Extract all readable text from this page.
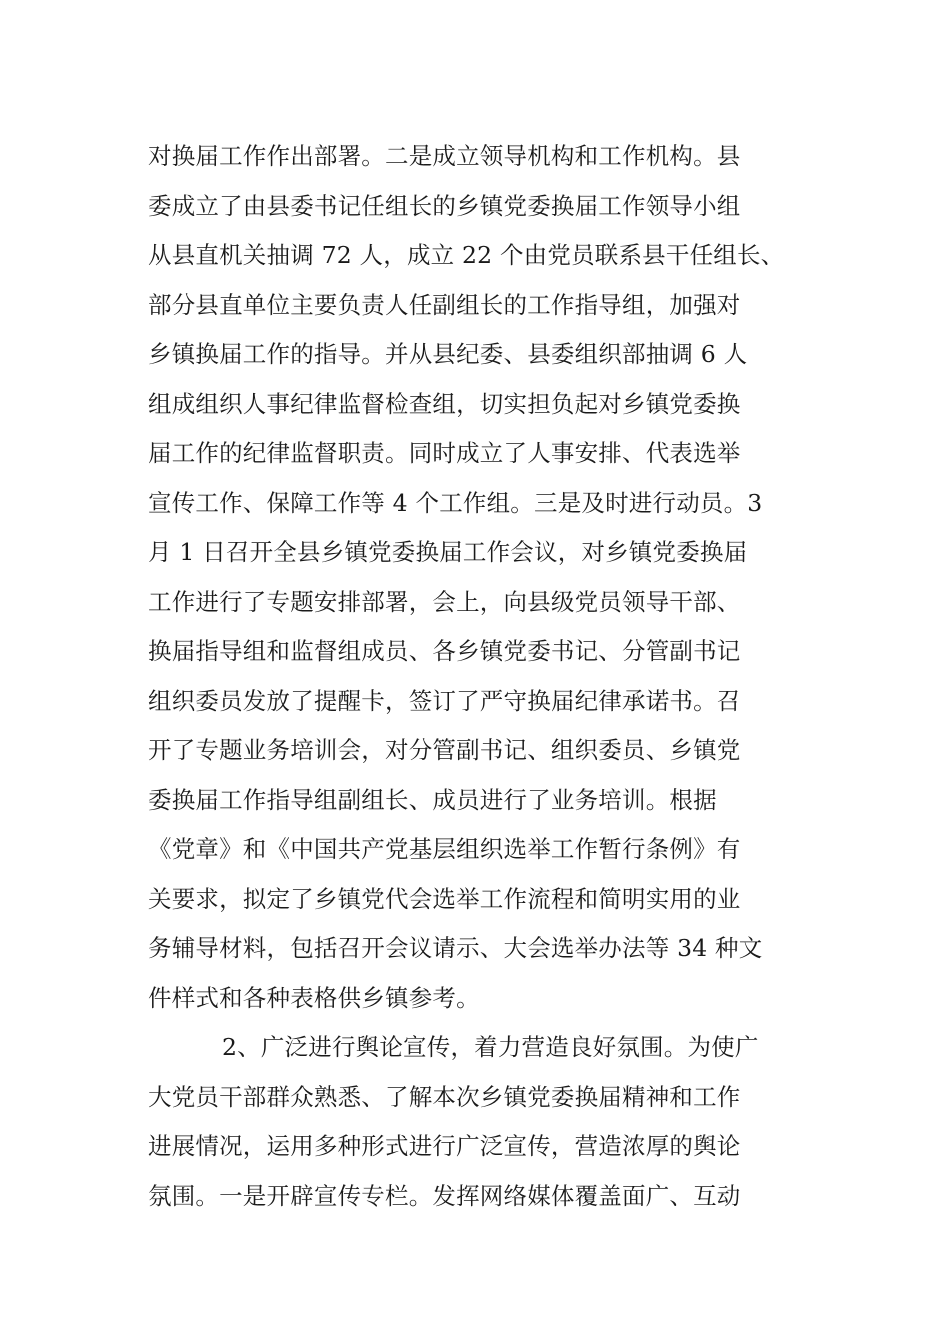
对换届工作作出部署。二是成立领导机构和工作机构。县
委成立了由县委书记任组长的乡镇党委换届工作领导小组
从县直机关抽调 72 人，成立 22 个由党员联系县干任组长、
部分县直单位主要负责人任副组长的工作指导组，加强对
乡镇换届工作的指导。并从县纪委、县委组织部抽调 6 人
组成组织人事纪律监督检查组，切实担负起对乡镇党委换
届工作的纪律监督职责。同时成立了人事安排、代表选举
宣传工作、保障工作等 4 个工作组。三是及时进行动员。3
月 1 日召开全县乡镇党委换届工作会议，对乡镇党委换届
工作进行了专题安排部署，会上，向县级党员领导干部、
换届指导组和监督组成员、各乡镇党委书记、分管副书记
组织委员发放了提醒卡，签订了严守换届纪律承诺书。召
开了专题业务培训会，对分管副书记、组织委员、乡镇党
委换届工作指导组副组长、成员进行了业务培训。根据
《党章》和《中国共产党基层组织选举工作暂行条例》有
关要求，拟定了乡镇党代会选举工作流程和简明实用的业
务辅导材料，包括召开会议请示、大会选举办法等 34 种文
件样式和各种表格供乡镇参考。
2、广泛进行舆论宣传，着力营造良好氛围。为使广
大党员干部群众熟悉、了解本次乡镇党委换届精神和工作
进展情况，运用多种形式进行广泛宣传，营造浓厚的舆论
氛围。一是开辟宣传专栏。发挥网络媒体覆盖面广、互动
